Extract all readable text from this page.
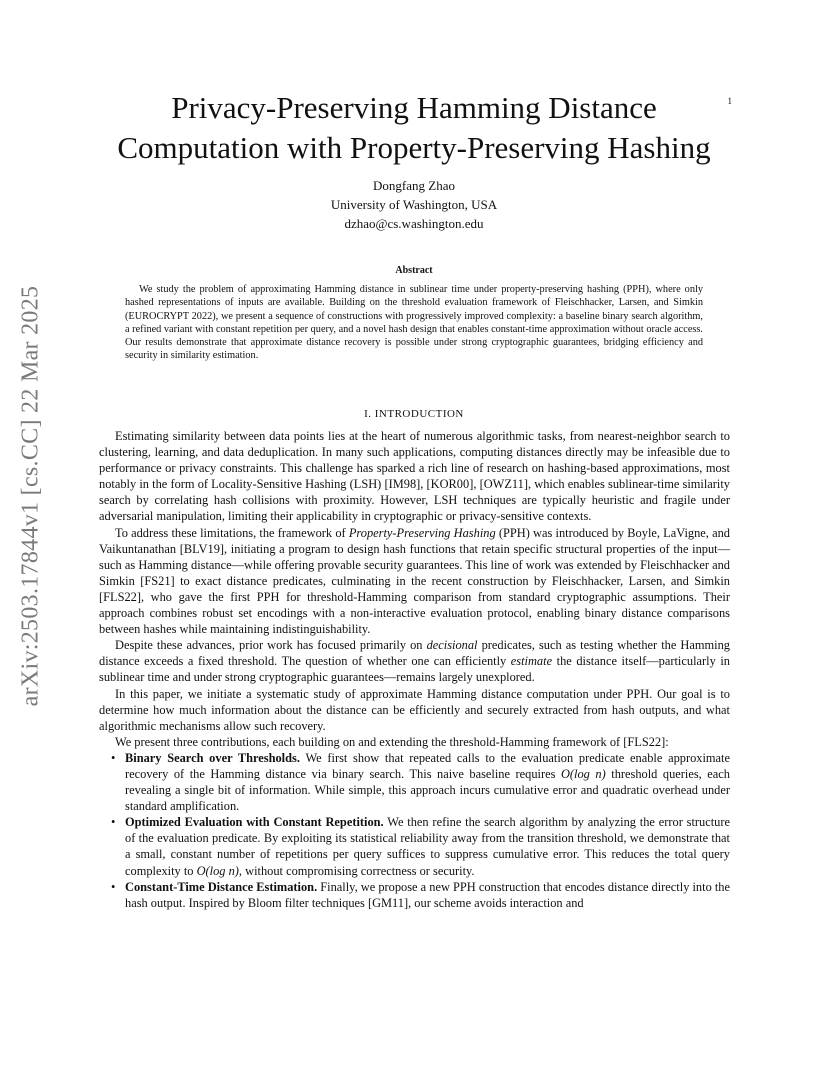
arXiv:2503.17844v1 [cs.CC] 22 Mar 2025
1
Privacy-Preserving Hamming Distance
Computation with Property-Preserving Hashing
Dongfang Zhao
University of Washington, USA
dzhao@cs.washington.edu
Abstract

We study the problem of approximating Hamming distance in sublinear time under property-preserving hashing (PPH), where only hashed representations of inputs are available. Building on the threshold evaluation framework of Fleischhacker, Larsen, and Simkin (EUROCRYPT 2022), we present a sequence of constructions with progressively improved complexity: a baseline binary search algorithm, a refined variant with constant repetition per query, and a novel hash design that enables constant-time approximation without oracle access. Our results demonstrate that approximate distance recovery is possible under strong cryptographic guarantees, bridging efficiency and security in similarity estimation.

I. INTRODUCTION

Estimating similarity between data points lies at the heart of numerous algorithmic tasks, from nearest-neighbor search to clustering, learning, and data deduplication. In many such applications, computing distances directly may be infeasible due to performance or privacy constraints. This challenge has sparked a rich line of research on hashing-based approximations, most notably in the form of Locality-Sensitive Hashing (LSH) [IM98], [KOR00], [OWZ11], which enables sublinear-time similarity search by correlating hash collisions with proximity. However, LSH techniques are typically heuristic and fragile under adversarial manipulation, limiting their applicability in cryptographic or privacy-sensitive contexts.

To address these limitations, the framework of Property-Preserving Hashing (PPH) was introduced by Boyle, LaVigne, and Vaikuntanathan [BLV19], initiating a program to design hash functions that retain specific structural properties of the input—such as Hamming distance—while offering provable security guarantees. This line of work was extended by Fleischhacker and Simkin [FS21] to exact distance predicates, culminating in the recent construction by Fleischhacker, Larsen, and Simkin [FLS22], who gave the first PPH for threshold-Hamming comparison from standard cryptographic assumptions. Their approach combines robust set encodings with a non-interactive evaluation protocol, enabling binary distance comparisons between hashes while maintaining indistinguishability.

Despite these advances, prior work has focused primarily on decisional predicates, such as testing whether the Hamming distance exceeds a fixed threshold. The question of whether one can efficiently estimate the distance itself—particularly in sublinear time and under strong cryptographic guarantees—remains largely unexplored.

In this paper, we initiate a systematic study of approximate Hamming distance computation under PPH. Our goal is to determine how much information about the distance can be efficiently and securely extracted from hash outputs, and what algorithmic mechanisms allow such recovery.

We present three contributions, each building on and extending the threshold-Hamming framework of [FLS22]:

• Binary Search over Thresholds. We first show that repeated calls to the evaluation predicate enable approximate recovery of the Hamming distance via binary search. This naive baseline requires O(log n) threshold queries, each revealing a single bit of information. While simple, this approach incurs cumulative error and quadratic overhead under standard amplification.
• Optimized Evaluation with Constant Repetition. We then refine the search algorithm by analyzing the error structure of the evaluation predicate. By exploiting its statistical reliability away from the transition threshold, we demonstrate that a small, constant number of repetitions per query suffices to suppress cumulative error. This reduces the total query complexity to O(log n), without compromising correctness or security.
• Constant-Time Distance Estimation. Finally, we propose a new PPH construction that encodes distance directly into the hash output. Inspired by Bloom filter techniques [GM11], our scheme avoids interaction and
